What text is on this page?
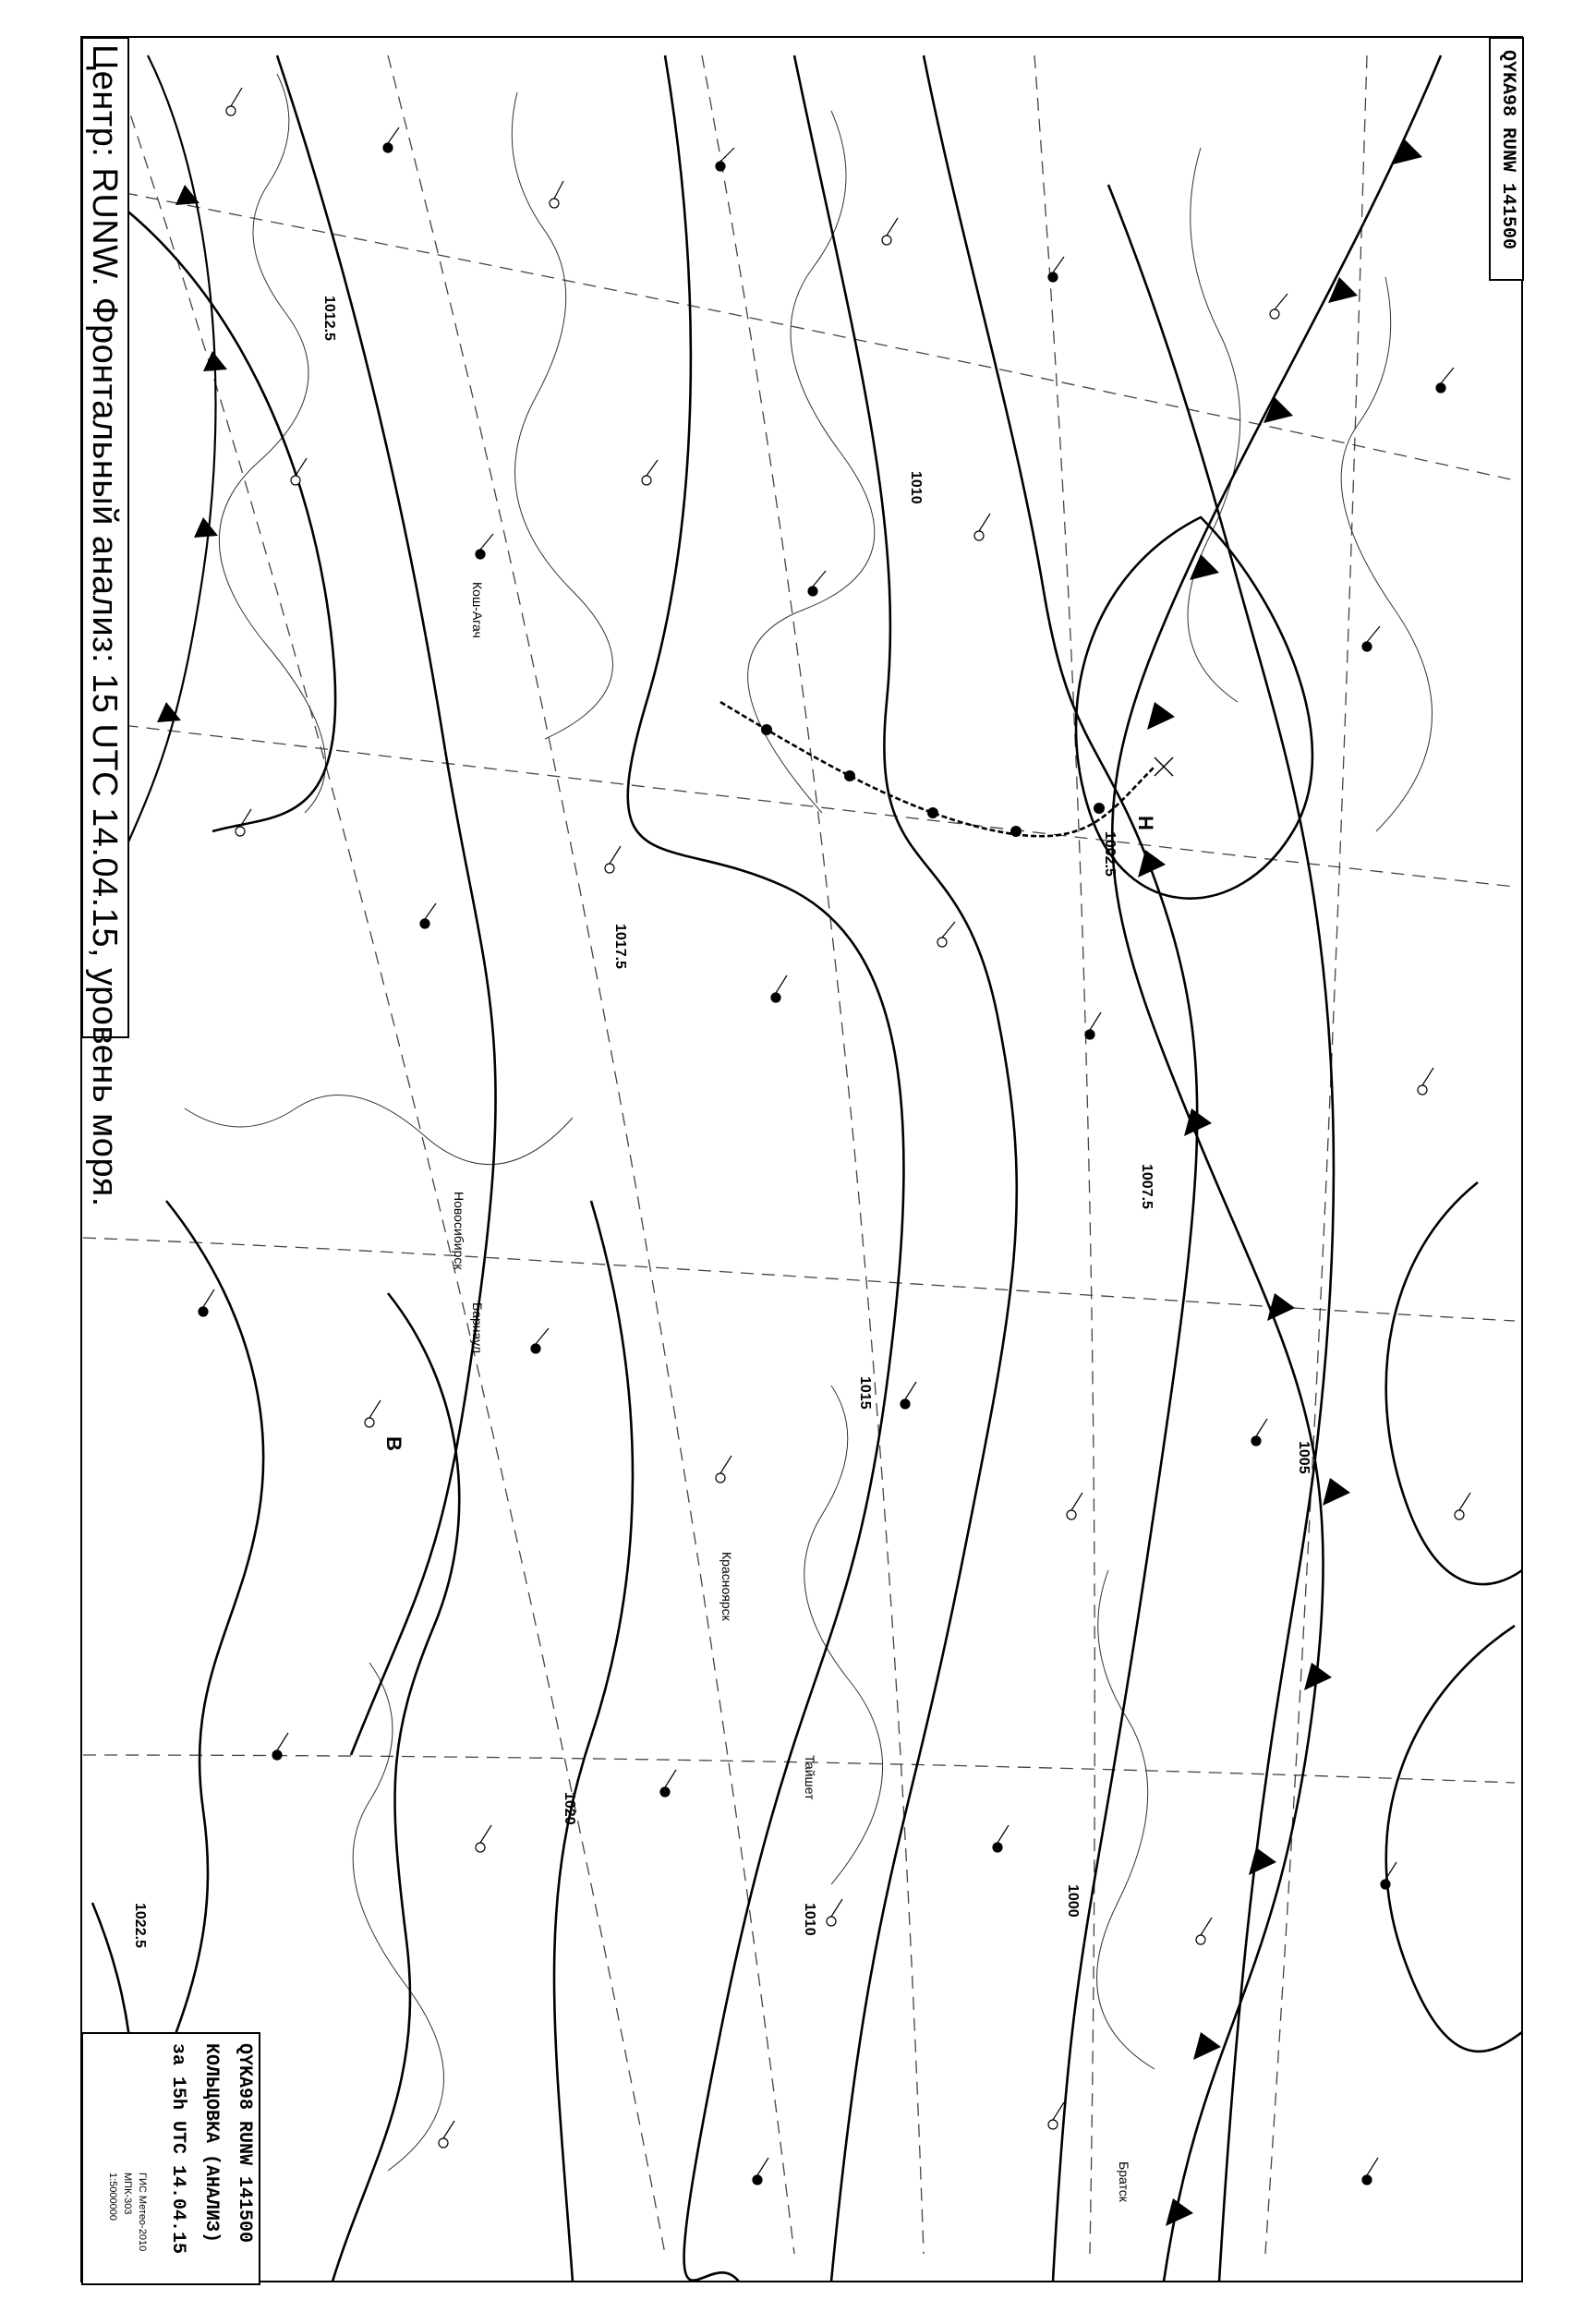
1012.5
1010
1007.5
1005
1002.5
1015
1017.5
1020
1022.5
1000
1010
Н
В
Новосибирск
Барнаул
Кош-Агач
Тайшет
Братск
Красноярск
Центр: RUNW. Фронтальный анализ: 15 UTC 14.04.15, уровень моря.	QYKA98 RUNW 141500
QYKA98 RUNW 141500
КОЛЬЦОВКА (АНАЛИЗ)
за 15h UTC 14.04.15
ГИС Метео-2010
МПК-303
1:5000000
